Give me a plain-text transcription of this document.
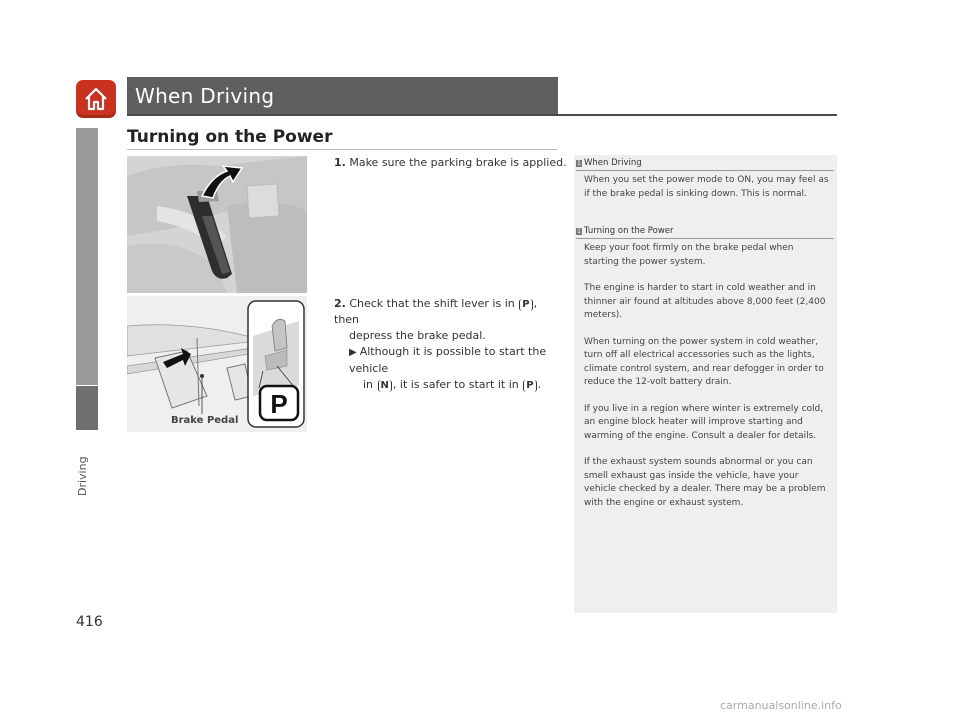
When Driving
Driving
416
Turning on the Power
P
Brake Pedal
1. Make sure the parking brake is applied.
2. Check that the shift lever is in P , then
depress the brake pedal.
▶ Although it is possible to start the vehicle
in N , it is safer to start it in P .
1 When Driving

When you set the power mode to ON, you may feel as if the brake pedal is sinking down. This is normal.

1 Turning on the Power

Keep your foot firmly on the brake pedal when starting the power system.

The engine is harder to start in cold weather and in thinner air found at altitudes above 8,000 feet (2,400 meters).

When turning on the power system in cold weather, turn off all electrical accessories such as the lights, climate control system, and rear defogger in order to reduce the 12-volt battery drain.

If you live in a region where winter is extremely cold, an engine block heater will improve starting and warming of the engine. Consult a dealer for details.

If the exhaust system sounds abnormal or you can smell exhaust gas inside the vehicle, have your vehicle checked by a dealer. There may be a problem with the engine or exhaust system.

carmanualsonline.info
